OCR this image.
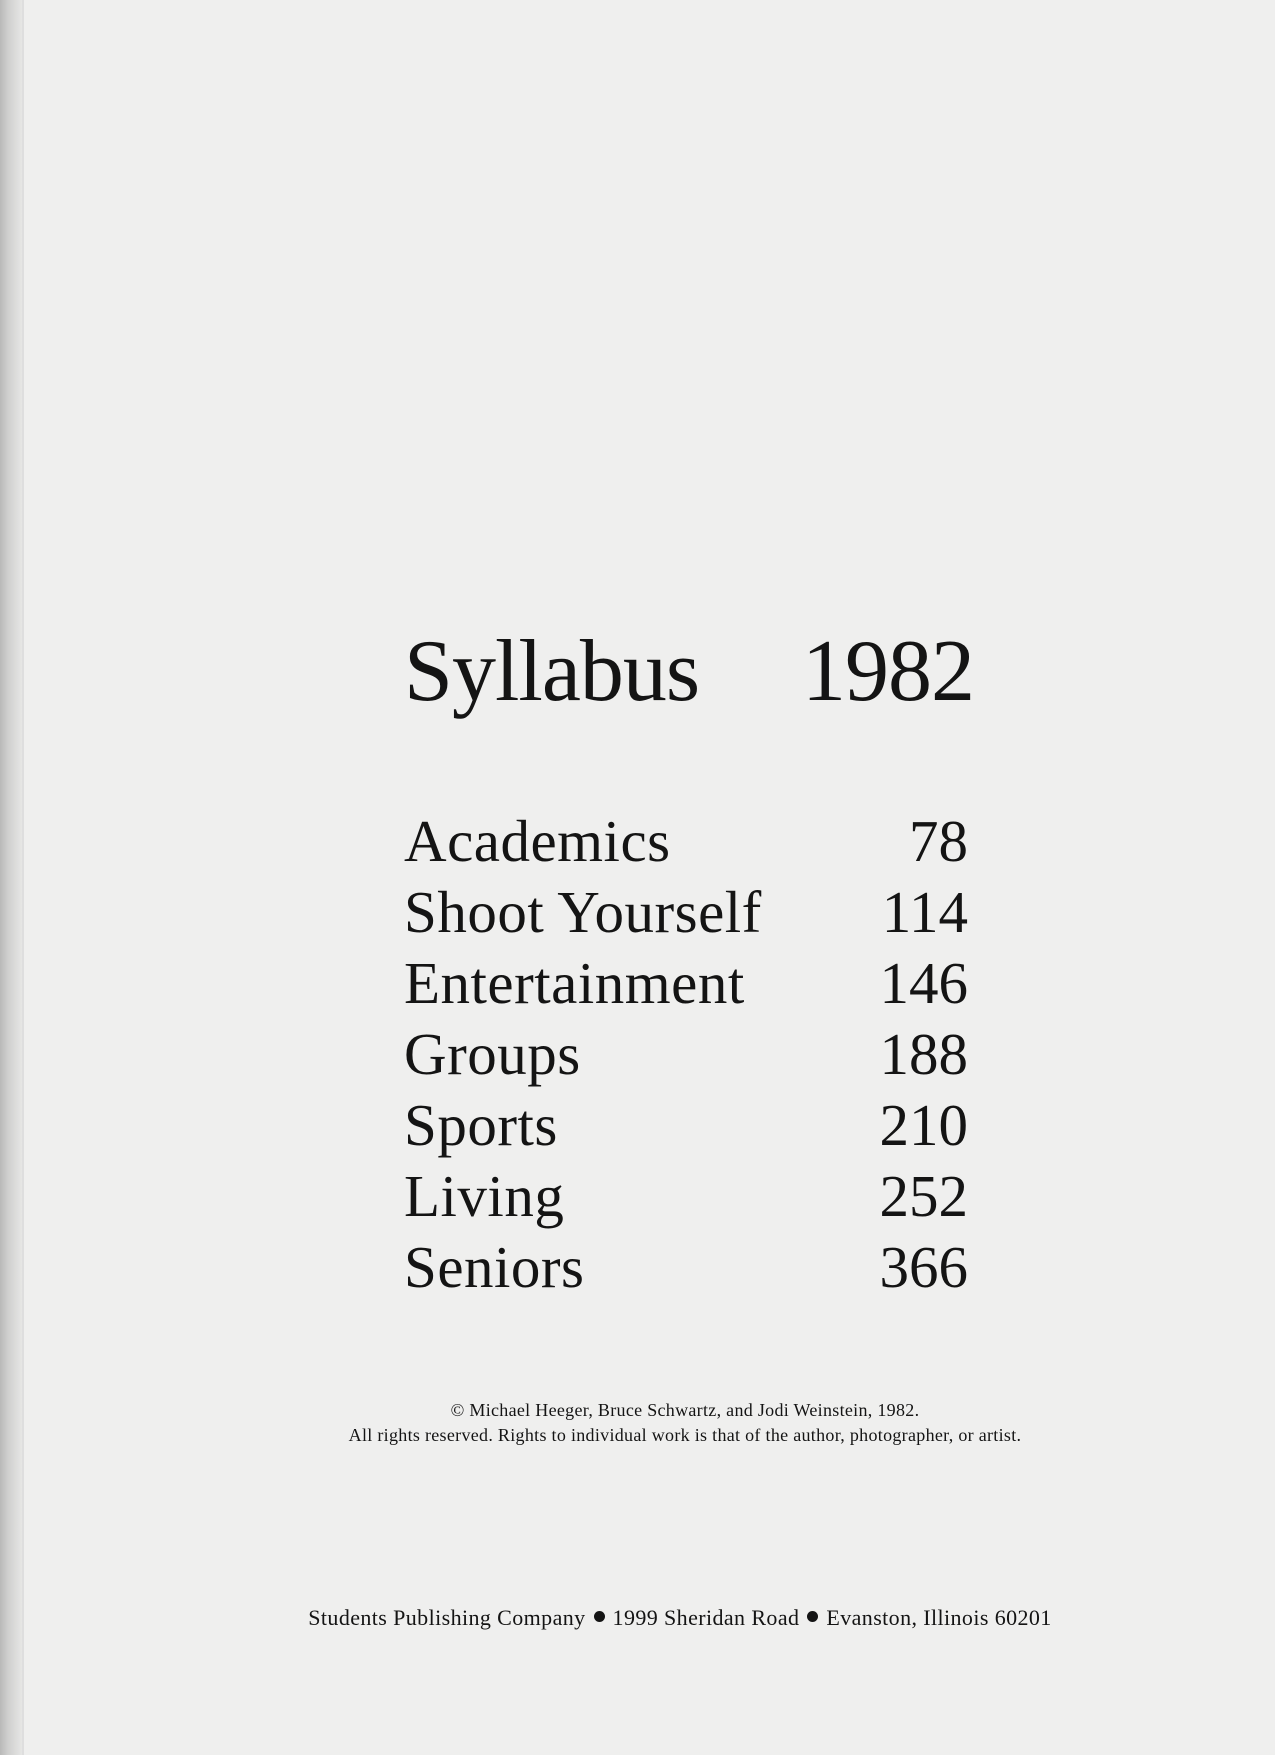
Syllabus 1982
Academics	78
Shoot Yourself 114
Entertainment 146
Groups	188
Sports	210
Living	252
Seniors	366
© Michael Heeger, Bruce Schwartz, and Jodi Weinstein, 1982.
All rights reserved. Rights to individual work is that of the author, photographer, or artist.
Students Publishing Company 1999 Sheridan Road Evanston, Illinois 60201
